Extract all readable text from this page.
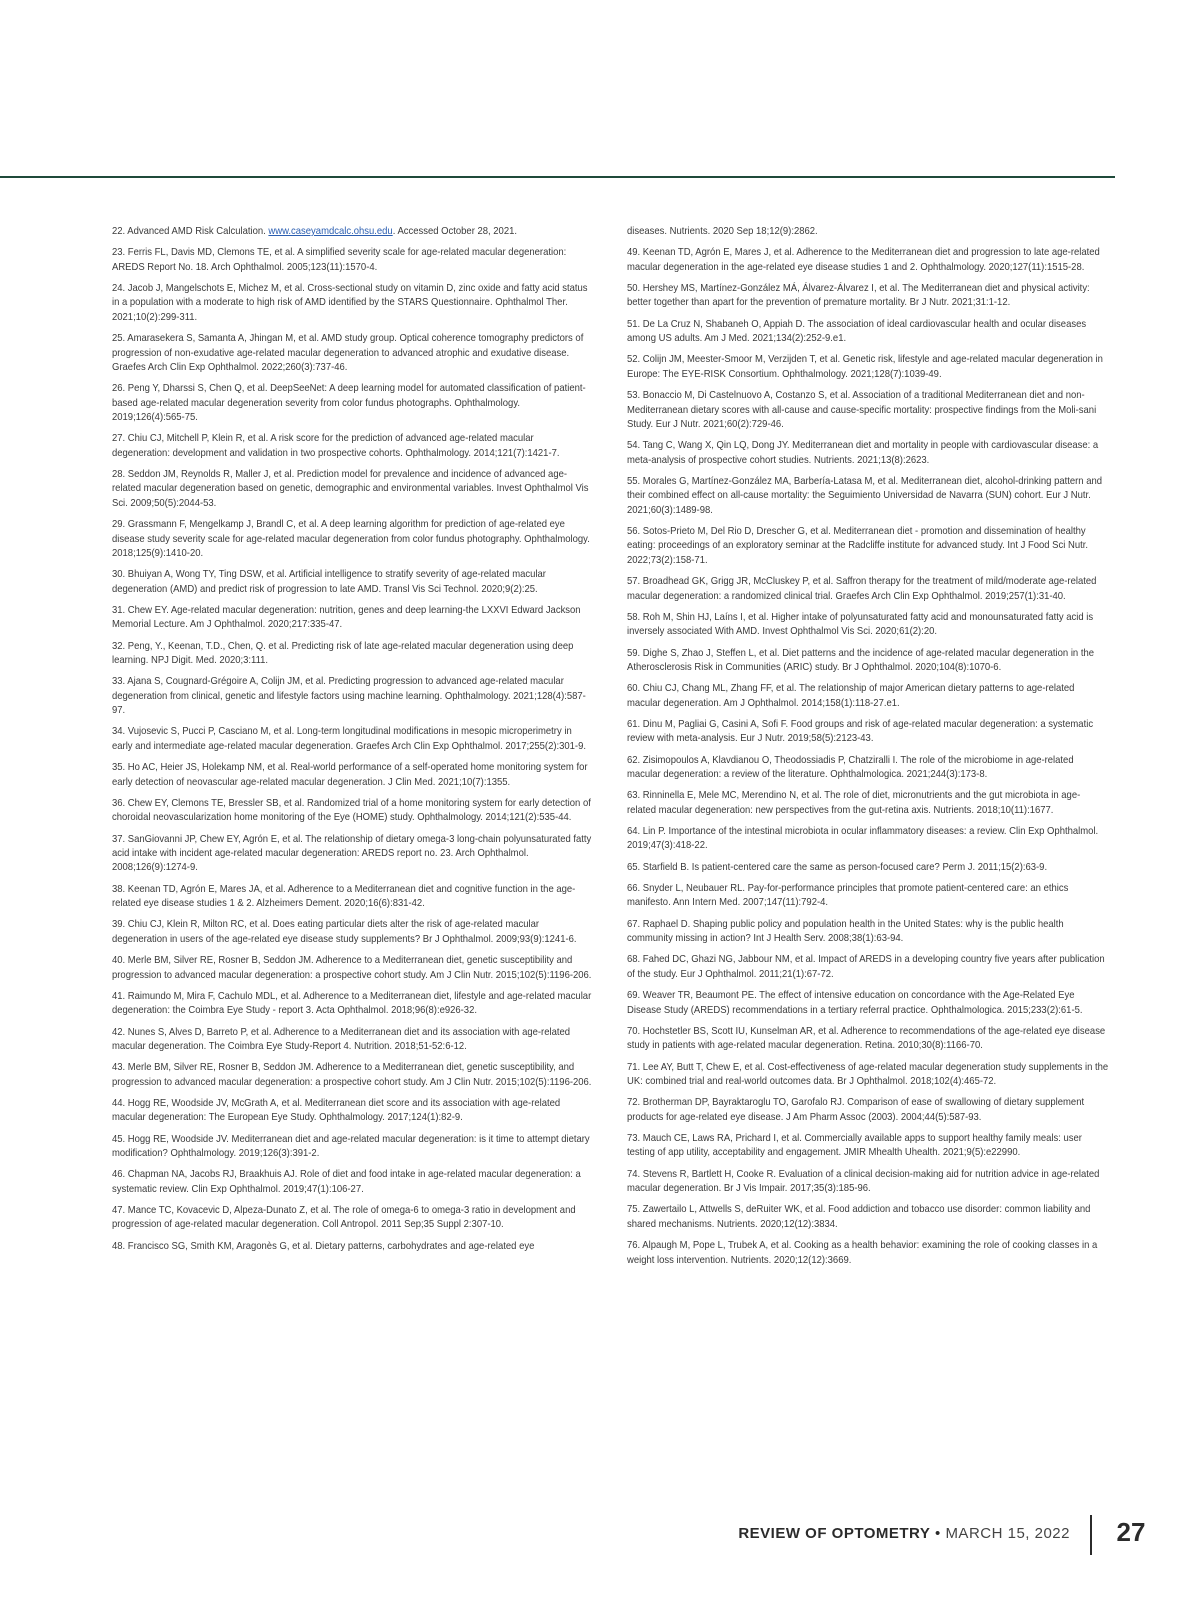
22. Advanced AMD Risk Calculation. www.caseyamdcalc.ohsu.edu. Accessed October 28, 2021.

23. Ferris FL, Davis MD, Clemons TE, et al. A simplified severity scale for age-related macular degeneration: AREDS Report No. 18. Arch Ophthalmol. 2005;123(11):1570-4.

24. Jacob J, Mangelschots E, Michez M, et al. Cross-sectional study on vitamin D, zinc oxide and fatty acid status in a population with a moderate to high risk of AMD identified by the STARS Questionnaire. Ophthalmol Ther. 2021;10(2):299-311.

25. Amarasekera S, Samanta A, Jhingan M, et al. AMD study group. Optical coherence tomography predictors of progression of non-exudative age-related macular degeneration to advanced atrophic and exudative disease. Graefes Arch Clin Exp Ophthalmol. 2022;260(3):737-46.

26. Peng Y, Dharssi S, Chen Q, et al. DeepSeeNet: A deep learning model for automated classification of patient-based age-related macular degeneration severity from color fundus photographs. Ophthalmology. 2019;126(4):565-75.

27. Chiu CJ, Mitchell P, Klein R, et al. A risk score for the prediction of advanced age-related macular degeneration: development and validation in two prospective cohorts. Ophthalmology. 2014;121(7):1421-7.

28. Seddon JM, Reynolds R, Maller J, et al. Prediction model for prevalence and incidence of advanced age-related macular degeneration based on genetic, demographic and environmental variables. Invest Ophthalmol Vis Sci. 2009;50(5):2044-53.

29. Grassmann F, Mengelkamp J, Brandl C, et al. A deep learning algorithm for prediction of age-related eye disease study severity scale for age-related macular degeneration from color fundus photography. Ophthalmology. 2018;125(9):1410-20.

30. Bhuiyan A, Wong TY, Ting DSW, et al. Artificial intelligence to stratify severity of age-related macular degeneration (AMD) and predict risk of progression to late AMD. Transl Vis Sci Technol. 2020;9(2):25.

31. Chew EY. Age-related macular degeneration: nutrition, genes and deep learning-the LXXVI Edward Jackson Memorial Lecture. Am J Ophthalmol. 2020;217:335-47.

32. Peng, Y., Keenan, T.D., Chen, Q. et al. Predicting risk of late age-related macular degeneration using deep learning. NPJ Digit. Med. 2020;3:111.

33. Ajana S, Cougnard-Grégoire A, Colijn JM, et al. Predicting progression to advanced age-related macular degeneration from clinical, genetic and lifestyle factors using machine learning. Ophthalmology. 2021;128(4):587-97.

34. Vujosevic S, Pucci P, Casciano M, et al. Long-term longitudinal modifications in mesopic microperimetry in early and intermediate age-related macular degeneration. Graefes Arch Clin Exp Ophthalmol. 2017;255(2):301-9.

35. Ho AC, Heier JS, Holekamp NM, et al. Real-world performance of a self-operated home monitoring system for early detection of neovascular age-related macular degeneration. J Clin Med. 2021;10(7):1355.

36. Chew EY, Clemons TE, Bressler SB, et al. Randomized trial of a home monitoring system for early detection of choroidal neovascularization home monitoring of the Eye (HOME) study. Ophthalmology. 2014;121(2):535-44.

37. SanGiovanni JP, Chew EY, Agrón E, et al. The relationship of dietary omega-3 long-chain polyunsaturated fatty acid intake with incident age-related macular degeneration: AREDS report no. 23. Arch Ophthalmol. 2008;126(9):1274-9.

38. Keenan TD, Agrón E, Mares JA, et al. Adherence to a Mediterranean diet and cognitive function in the age-related eye disease studies 1 & 2. Alzheimers Dement. 2020;16(6):831-42.

39. Chiu CJ, Klein R, Milton RC, et al. Does eating particular diets alter the risk of age-related macular degeneration in users of the age-related eye disease study supplements? Br J Ophthalmol. 2009;93(9):1241-6.

40. Merle BM, Silver RE, Rosner B, Seddon JM. Adherence to a Mediterranean diet, genetic susceptibility and progression to advanced macular degeneration: a prospective cohort study. Am J Clin Nutr. 2015;102(5):1196-206.

41. Raimundo M, Mira F, Cachulo MDL, et al. Adherence to a Mediterranean diet, lifestyle and age-related macular degeneration: the Coimbra Eye Study - report 3. Acta Ophthalmol. 2018;96(8):e926-32.

42. Nunes S, Alves D, Barreto P, et al. Adherence to a Mediterranean diet and its association with age-related macular degeneration. The Coimbra Eye Study-Report 4. Nutrition. 2018;51-52:6-12.

43. Merle BM, Silver RE, Rosner B, Seddon JM. Adherence to a Mediterranean diet, genetic susceptibility, and progression to advanced macular degeneration: a prospective cohort study. Am J Clin Nutr. 2015;102(5):1196-206.

44. Hogg RE, Woodside JV, McGrath A, et al. Mediterranean diet score and its association with age-related macular degeneration: The European Eye Study. Ophthalmology. 2017;124(1):82-9.

45. Hogg RE, Woodside JV. Mediterranean diet and age-related macular degeneration: is it time to attempt dietary modification? Ophthalmology. 2019;126(3):391-2.

46. Chapman NA, Jacobs RJ, Braakhuis AJ. Role of diet and food intake in age-related macular degeneration: a systematic review. Clin Exp Ophthalmol. 2019;47(1):106-27.

47. Mance TC, Kovacevic D, Alpeza-Dunato Z, et al. The role of omega-6 to omega-3 ratio in development and progression of age-related macular degeneration. Coll Antropol. 2011 Sep;35 Suppl 2:307-10.

48. Francisco SG, Smith KM, Aragonès G, et al. Dietary patterns, carbohydrates and age-related eye

diseases. Nutrients. 2020 Sep 18;12(9):2862.

49. Keenan TD, Agrón E, Mares J, et al. Adherence to the Mediterranean diet and progression to late age-related macular degeneration in the age-related eye disease studies 1 and 2. Ophthalmology. 2020;127(11):1515-28.

50. Hershey MS, Martínez-González MÁ, Álvarez-Álvarez I, et al. The Mediterranean diet and physical activity: better together than apart for the prevention of premature mortality. Br J Nutr. 2021;31:1-12.

51. De La Cruz N, Shabaneh O, Appiah D. The association of ideal cardiovascular health and ocular diseases among US adults. Am J Med. 2021;134(2):252-9.e1.

52. Colijn JM, Meester-Smoor M, Verzijden T, et al. Genetic risk, lifestyle and age-related macular degeneration in Europe: The EYE-RISK Consortium. Ophthalmology. 2021;128(7):1039-49.

53. Bonaccio M, Di Castelnuovo A, Costanzo S, et al. Association of a traditional Mediterranean diet and non-Mediterranean dietary scores with all-cause and cause-specific mortality: prospective findings from the Moli-sani Study. Eur J Nutr. 2021;60(2):729-46.

54. Tang C, Wang X, Qin LQ, Dong JY. Mediterranean diet and mortality in people with cardiovascular disease: a meta-analysis of prospective cohort studies. Nutrients. 2021;13(8):2623.

55. Morales G, Martínez-González MA, Barbería-Latasa M, et al. Mediterranean diet, alcohol-drinking pattern and their combined effect on all-cause mortality: the Seguimiento Universidad de Navarra (SUN) cohort. Eur J Nutr. 2021;60(3):1489-98.

56. Sotos-Prieto M, Del Rio D, Drescher G, et al. Mediterranean diet - promotion and dissemination of healthy eating: proceedings of an exploratory seminar at the Radcliffe institute for advanced study. Int J Food Sci Nutr. 2022;73(2):158-71.

57. Broadhead GK, Grigg JR, McCluskey P, et al. Saffron therapy for the treatment of mild/moderate age-related macular degeneration: a randomized clinical trial. Graefes Arch Clin Exp Ophthalmol. 2019;257(1):31-40.

58. Roh M, Shin HJ, Laíns I, et al. Higher intake of polyunsaturated fatty acid and monounsaturated fatty acid is inversely associated With AMD. Invest Ophthalmol Vis Sci. 2020;61(2):20.

59. Dighe S, Zhao J, Steffen L, et al. Diet patterns and the incidence of age-related macular degeneration in the Atherosclerosis Risk in Communities (ARIC) study. Br J Ophthalmol. 2020;104(8):1070-6.

60. Chiu CJ, Chang ML, Zhang FF, et al. The relationship of major American dietary patterns to age-related macular degeneration. Am J Ophthalmol. 2014;158(1):118-27.e1.

61. Dinu M, Pagliai G, Casini A, Sofi F. Food groups and risk of age-related macular degeneration: a systematic review with meta-analysis. Eur J Nutr. 2019;58(5):2123-43.

62. Zisimopoulos A, Klavdianou O, Theodossiadis P, Chatziralli I. The role of the microbiome in age-related macular degeneration: a review of the literature. Ophthalmologica. 2021;244(3):173-8.

63. Rinninella E, Mele MC, Merendino N, et al. The role of diet, micronutrients and the gut microbiota in age-related macular degeneration: new perspectives from the gut-retina axis. Nutrients. 2018;10(11):1677.

64. Lin P. Importance of the intestinal microbiota in ocular inflammatory diseases: a review. Clin Exp Ophthalmol. 2019;47(3):418-22.

65. Starfield B. Is patient-centered care the same as person-focused care? Perm J. 2011;15(2):63-9.

66. Snyder L, Neubauer RL. Pay-for-performance principles that promote patient-centered care: an ethics manifesto. Ann Intern Med. 2007;147(11):792-4.

67. Raphael D. Shaping public policy and population health in the United States: why is the public health community missing in action? Int J Health Serv. 2008;38(1):63-94.

68. Fahed DC, Ghazi NG, Jabbour NM, et al. Impact of AREDS in a developing country five years after publication of the study. Eur J Ophthalmol. 2011;21(1):67-72.

69. Weaver TR, Beaumont PE. The effect of intensive education on concordance with the Age-Related Eye Disease Study (AREDS) recommendations in a tertiary referral practice. Ophthalmologica. 2015;233(2):61-5.

70. Hochstetler BS, Scott IU, Kunselman AR, et al. Adherence to recommendations of the age-related eye disease study in patients with age-related macular degeneration. Retina. 2010;30(8):1166-70.

71. Lee AY, Butt T, Chew E, et al. Cost-effectiveness of age-related macular degeneration study supplements in the UK: combined trial and real-world outcomes data. Br J Ophthalmol. 2018;102(4):465-72.

72. Brotherman DP, Bayraktaroglu TO, Garofalo RJ. Comparison of ease of swallowing of dietary supplement products for age-related eye disease. J Am Pharm Assoc (2003). 2004;44(5):587-93.

73. Mauch CE, Laws RA, Prichard I, et al. Commercially available apps to support healthy family meals: user testing of app utility, acceptability and engagement. JMIR Mhealth Uhealth. 2021;9(5):e22990.

74. Stevens R, Bartlett H, Cooke R. Evaluation of a clinical decision-making aid for nutrition advice in age-related macular degeneration. Br J Vis Impair. 2017;35(3):185-96.

75. Zawertailo L, Attwells S, deRuiter WK, et al. Food addiction and tobacco use disorder: common liability and shared mechanisms. Nutrients. 2020;12(12):3834.

76. Alpaugh M, Pope L, Trubek A, et al. Cooking as a health behavior: examining the role of cooking classes in a weight loss intervention. Nutrients. 2020;12(12):3669.

REVIEW OF OPTOMETRY • MARCH 15, 2022	27
